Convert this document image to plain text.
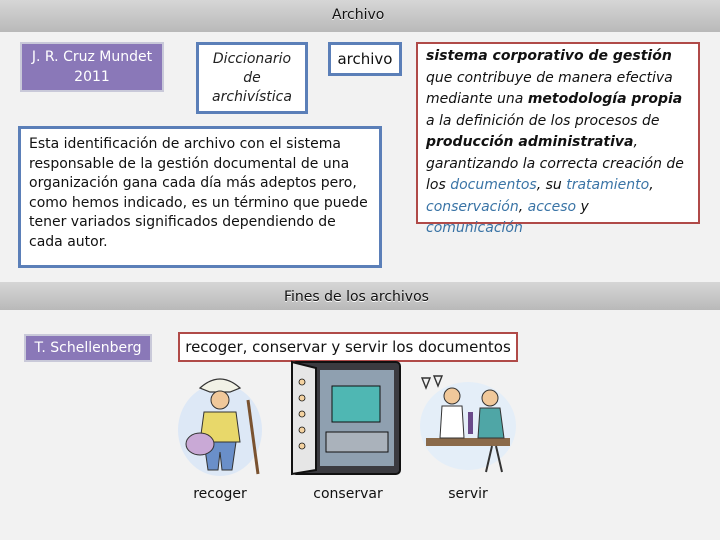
Archivo
J. R. Cruz Mundet
2011
Diccionario
de
archivística
archivo
Esta identificación de archivo con el sistema responsable de la gestión documental de una organización gana cada día más adeptos pero, como hemos indicado, es un término que puede tener variados significados dependiendo de cada autor.
sistema corporativo de gestión que contribuye de manera efectiva mediante una metodología propia a la definición de los procesos de producción administrativa, garantizando la correcta creación de los documentos, su tratamiento, conservación, acceso y comunicación
Fines de los archivos
T. Schellenberg	recoger, conservar y servir los documentos
recoger	conservar	servir
